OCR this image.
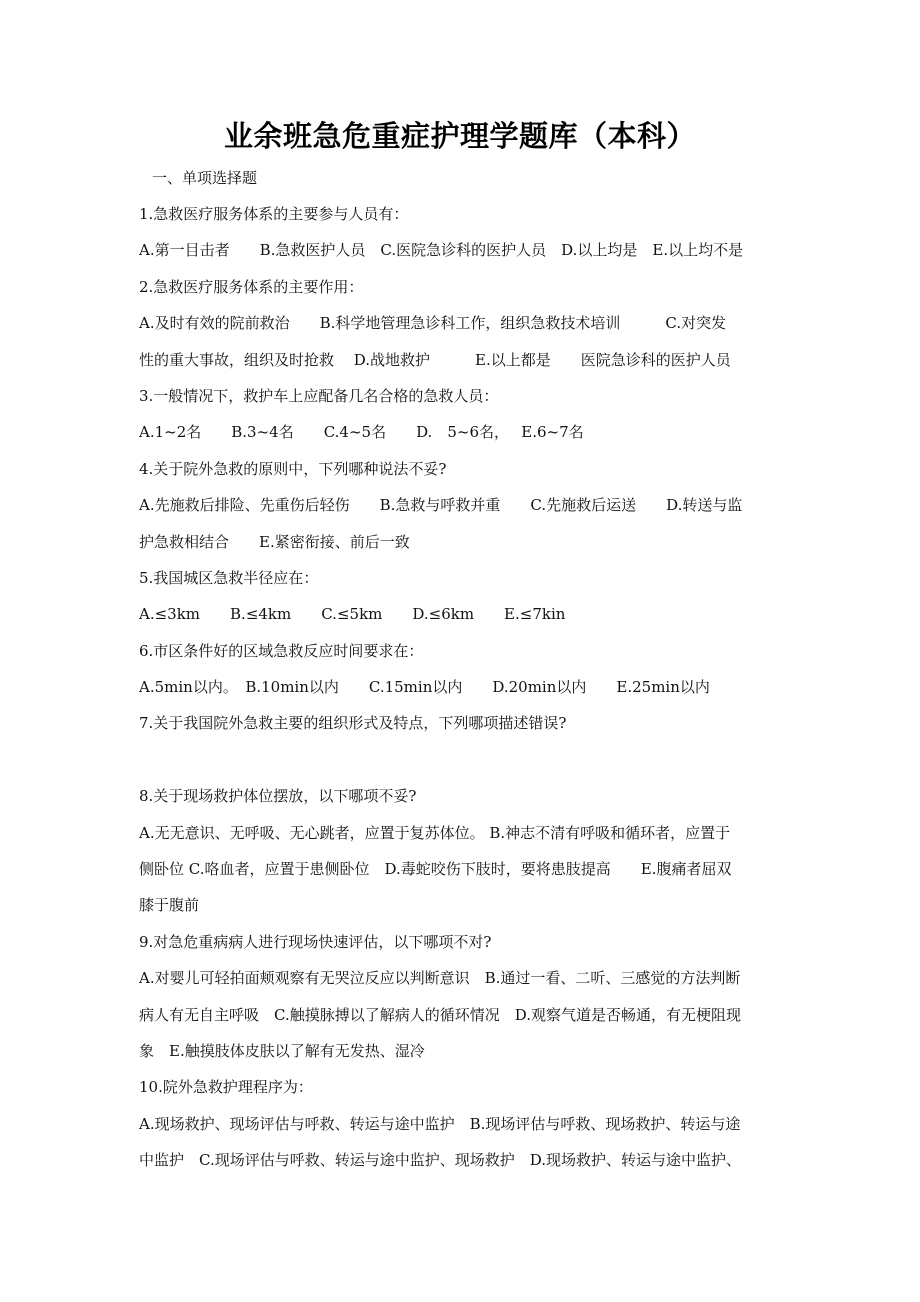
业余班急危重症护理学题库（本科）
一、单项选择题
1.急救医疗服务体系的主要参与人员有：
A.第一目击者　　B.急救医护人员　C.医院急诊科的医护人员　D.以上均是　E.以上均不是
2.急救医疗服务体系的主要作用：
A.及时有效的院前救治　　B.科学地管理急诊科工作，组织急救技术培训　　　C.对突发
性的重大事故，组织及时抢救　 D.战地救护　　　E.以上都是　　医院急诊科的医护人员
3.一般情况下，救护车上应配备几名合格的急救人员：
A.1~2名　　B.3~4名　　C.4~5名　　D.　5~6名，　 E.6~7名
4.关于院外急救的原则中，下列哪种说法不妥?
A.先施救后排险、先重伤后轻伤　　B.急救与呼救并重　　C.先施救后运送　　D.转送与监
护急救相结合　　E.紧密衔接、前后一致
5.我国城区急救半径应在：
A.≤3km　　B.≤4km　　C.≤5km　　D.≤6km　　E.≤7kin
6.市区条件好的区域急救反应时间要求在：
A.5min以内。　B.10min以内　　C.15min以内　　D.20min以内　　E.25min以内
7.关于我国院外急救主要的组织形式及特点，下列哪项描述错误?
8.关于现场救护体位摆放，以下哪项不妥?
A.无无意识、无呼吸、无心跳者，应置于复苏体位。 B.神志不清有呼吸和循环者，应置于
侧卧位 C.咯血者，应置于患侧卧位　D.毒蛇咬伤下肢时，要将患肢提高　　E.腹痛者屈双
膝于腹前
9.对急危重病病人进行现场快速评估，以下哪项不对?
A.对婴儿可轻拍面颊观察有无哭泣反应以判断意识　B.通过一看、二听、三感觉的方法判断
病人有无自主呼吸　C.触摸脉搏以了解病人的循环情况　D.观察气道是否畅通，有无梗阻现
象　E.触摸肢体皮肤以了解有无发热、湿冷
10.院外急救护理程序为：
A.现场救护、现场评估与呼救、转运与途中监护　B.现场评估与呼救、现场救护、转运与途
中监护　C.现场评估与呼救、转运与途中监护、现场救护　D.现场救护、转运与途中监护、
